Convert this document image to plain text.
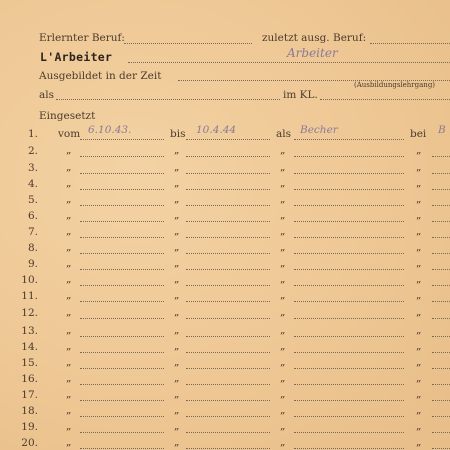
Erlernter Beruf:	zuletzt ausg. Beruf:
L'Arbeiter	Arbeiter
Ausgebildet in der Zeit
(Ausbildungslehrgang)
als	im KL.
Eingesetzt
1. vom 6.10.43.	bis 10.4.44	als Becher	bei B
2.	„	„	„	„
3.	„	„	„	„
4.	„	„	„	„
5.	„	„	„	„
6.	„	„	„	„
7.	„	„	„	„
8.	„	„	„	„
9.	„	„	„	„
10.	„	„	„	„
11.	„	„	„	„
12.	„	„	„	„
13.	„	„	„	„
14.	„	„	„	„
15.	„	„	„	„
16.	„	„	„	„
17.	„	„	„	„
18.	„	„	„	„
19.	„	„	„	„
20.	„	„	„	„
